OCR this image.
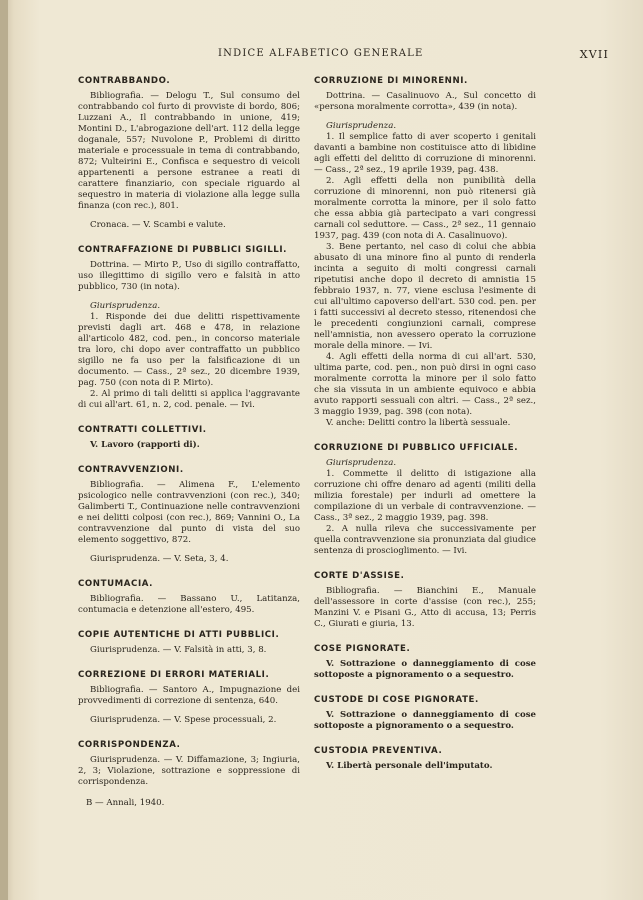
INDICE ALFABETICO GENERALE	XVII
CONTRABBANDO.

Bibliografia. — Delogu T., Sul consumo del contrabbando col furto di provviste di bordo, 806; Luzzani A., Il contrabbando in unione, 419; Montini D., L'abrogazione dell'art. 112 della legge doganale, 557; Nuvolone P., Problemi di diritto materiale e processuale in tema di contrabbando, 872; Vulteirini E., Confisca e sequestro di veicoli appartenenti a persone estranee a reati di carattere finanziario, con speciale riguardo al sequestro in materia di violazione alla legge sulla finanza (con rec.), 801.

Cronaca. — V. Scambi e valute.

CONTRAFFAZIONE DI PUBBLICI SIGILLI.

Dottrina. — Mirto P., Uso di sigillo contraffatto, uso illegittimo di sigillo vero e falsità in atto pubblico, 730 (in nota).

Giurisprudenza.

1. Risponde dei due delitti rispettivamente previsti dagli art. 468 e 478, in relazione all'articolo 482, cod. pen., in concorso materiale tra loro, chi dopo aver contraffatto un pubblico sigillo ne fa uso per la falsificazione di un documento. — Cass., 2ª sez., 20 dicembre 1939, pag. 750 (con nota di P. Mirto).

2. Al primo di tali delitti si applica l'aggravante di cui all'art. 61, n. 2, cod. penale. — Ivi.

CONTRATTI COLLETTIVI.

V. Lavoro (rapporti di).

CONTRAVVENZIONI.

Bibliografia. — Alimena F., L'elemento psicologico nelle contravvenzioni (con rec.), 340; Galimberti T., Continuazione nelle contravvenzioni e nei delitti colposi (con rec.), 869; Vannini O., La contravvenzione dal punto di vista del suo elemento soggettivo, 872.

Giurisprudenza. — V. Seta, 3, 4.

CONTUMACIA.

Bibliografia. — Bassano U., Latitanza, contumacia e detenzione all'estero, 495.

COPIE AUTENTICHE DI ATTI PUBBLICI.

Giurisprudenza. — V. Falsità in atti, 3, 8.

CORREZIONE DI ERRORI MATERIALI.

Bibliografia. — Santoro A., Impugnazione dei provvedimenti di correzione di sentenza, 640.

Giurisprudenza. — V. Spese processuali, 2.

CORRISPONDENZA.

Giurisprudenza. — V. Diffamazione, 3; Ingiuria, 2, 3; Violazione, sottrazione e soppressione di corrispondenza.

B — Annali, 1940.

CORRUZIONE DI MINORENNI.

Dottrina. — Casalinuovo A., Sul concetto di «persona moralmente corrotta», 439 (in nota).

Giurisprudenza.

1. Il semplice fatto di aver scoperto i genitali davanti a bambine non costituisce atto di libidine agli effetti del delitto di corruzione di minorenni. — Cass., 2ª sez., 19 aprile 1939, pag. 438.

2. Agli effetti della non punibilità della corruzione di minorenni, non può ritenersi già moralmente corrotta la minore, per il solo fatto che essa abbia già partecipato a vari congressi carnali col seduttore. — Cass., 2ª sez., 11 gennaio 1937, pag. 439 (con nota di A. Casalinuovo).

3. Bene pertanto, nel caso di colui che abbia abusato di una minore fino al punto di renderla incinta a seguito di molti congressi carnali ripetutisi anche dopo il decreto di amnistia 15 febbraio 1937, n. 77, viene esclusa l'esimente di cui all'ultimo capoverso dell'art. 530 cod. pen. per i fatti successivi al decreto stesso, ritenendosi che le precedenti congiunzioni carnali, comprese nell'amnistia, non avessero operato la corruzione morale della minore. — Ivi.

4. Agli effetti della norma di cui all'art. 530, ultima parte, cod. pen., non può dirsi in ogni caso moralmente corrotta la minore per il solo fatto che sia vissuta in un ambiente equivoco e abbia avuto rapporti sessuali con altri. — Cass., 2ª sez., 3 maggio 1939, pag. 398 (con nota).

V. anche: Delitti contro la libertà sessuale.

CORRUZIONE DI PUBBLICO UFFICIALE.

Giurisprudenza.

1. Commette il delitto di istigazione alla corruzione chi offre denaro ad agenti (militi della milizia forestale) per indurli ad omettere la compilazione di un verbale di contravvenzione. — Cass., 3ª sez., 2 maggio 1939, pag. 398.

2. A nulla rileva che successivamente per quella contravvenzione sia pronunziata dal giudice sentenza di proscioglimento. — Ivi.

CORTE D'ASSISE.

Bibliografia. — Bianchini E., Manuale dell'assessore in corte d'assise (con rec.), 255; Manzini V. e Pisani G., Atto di accusa, 13; Perris C., Giurati e giuria, 13.

COSE PIGNORATE.

V. Sottrazione o danneggiamento di cose sottoposte a pignoramento o a sequestro.

CUSTODE DI COSE PIGNORATE.

V. Sottrazione o danneggiamento di cose sottoposte a pignoramento o a sequestro.

CUSTODIA PREVENTIVA.

V. Libertà personale dell'imputato.
